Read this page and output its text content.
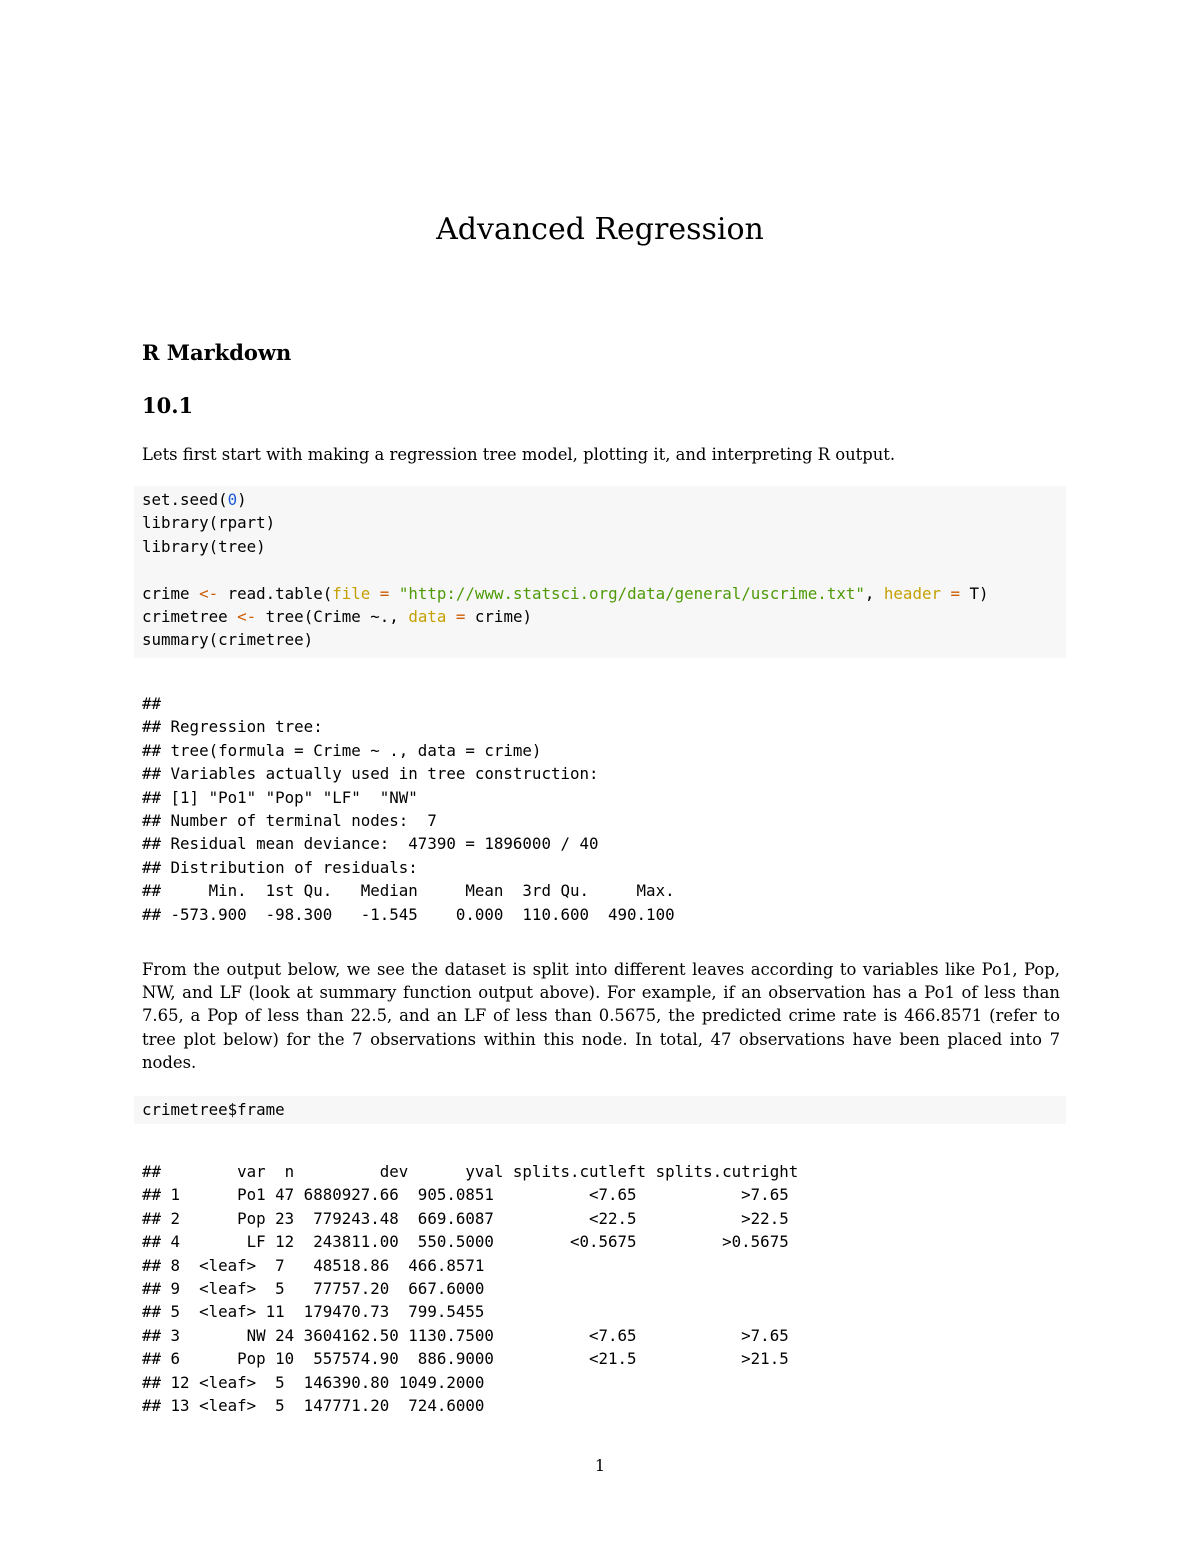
Advanced Regression
R Markdown
10.1

Lets first start with making a regression tree model, plotting it, and interpreting R output.

set.seed(0)
library(rpart)
library(tree)

crime <- read.table(file = "http://www.statsci.org/data/general/uscrime.txt", header = T)
crimetree <- tree(Crime ~., data = crime)
summary(crimetree)
##
## Regression tree:
## tree(formula = Crime ~ ., data = crime)
## Variables actually used in tree construction:
## [1] "Po1" "Pop" "LF"  "NW"
## Number of terminal nodes:  7
## Residual mean deviance:  47390 = 1896000 / 40
## Distribution of residuals:
##     Min.  1st Qu.   Median     Mean  3rd Qu.     Max.
## -573.900  -98.300   -1.545    0.000  110.600  490.100

From the output below, we see the dataset is split into different leaves according to variables like Po1, Pop, NW, and LF (look at summary function output above). For example, if an observation has a Po1 of less than 7.65, a Pop of less than 22.5, and an LF of less than 0.5675, the predicted crime rate is 466.8571 (refer to tree plot below) for the 7 observations within this node. In total, 47 observations have been placed into 7 nodes.

crimetree$frame
##        var  n         dev      yval splits.cutleft splits.cutright
## 1      Po1 47 6880927.66  905.0851          <7.65           >7.65
## 2      Pop 23  779243.48  669.6087          <22.5           >22.5
## 4       LF 12  243811.00  550.5000        <0.5675         >0.5675
## 8  <leaf>  7   48518.86  466.8571
## 9  <leaf>  5   77757.20  667.6000
## 5  <leaf> 11  179470.73  799.5455
## 3       NW 24 3604162.50 1130.7500          <7.65           >7.65
## 6      Pop 10  557574.90  886.9000          <21.5           >21.5
## 12 <leaf>  5  146390.80 1049.2000
## 13 <leaf>  5  147771.20  724.6000
1
